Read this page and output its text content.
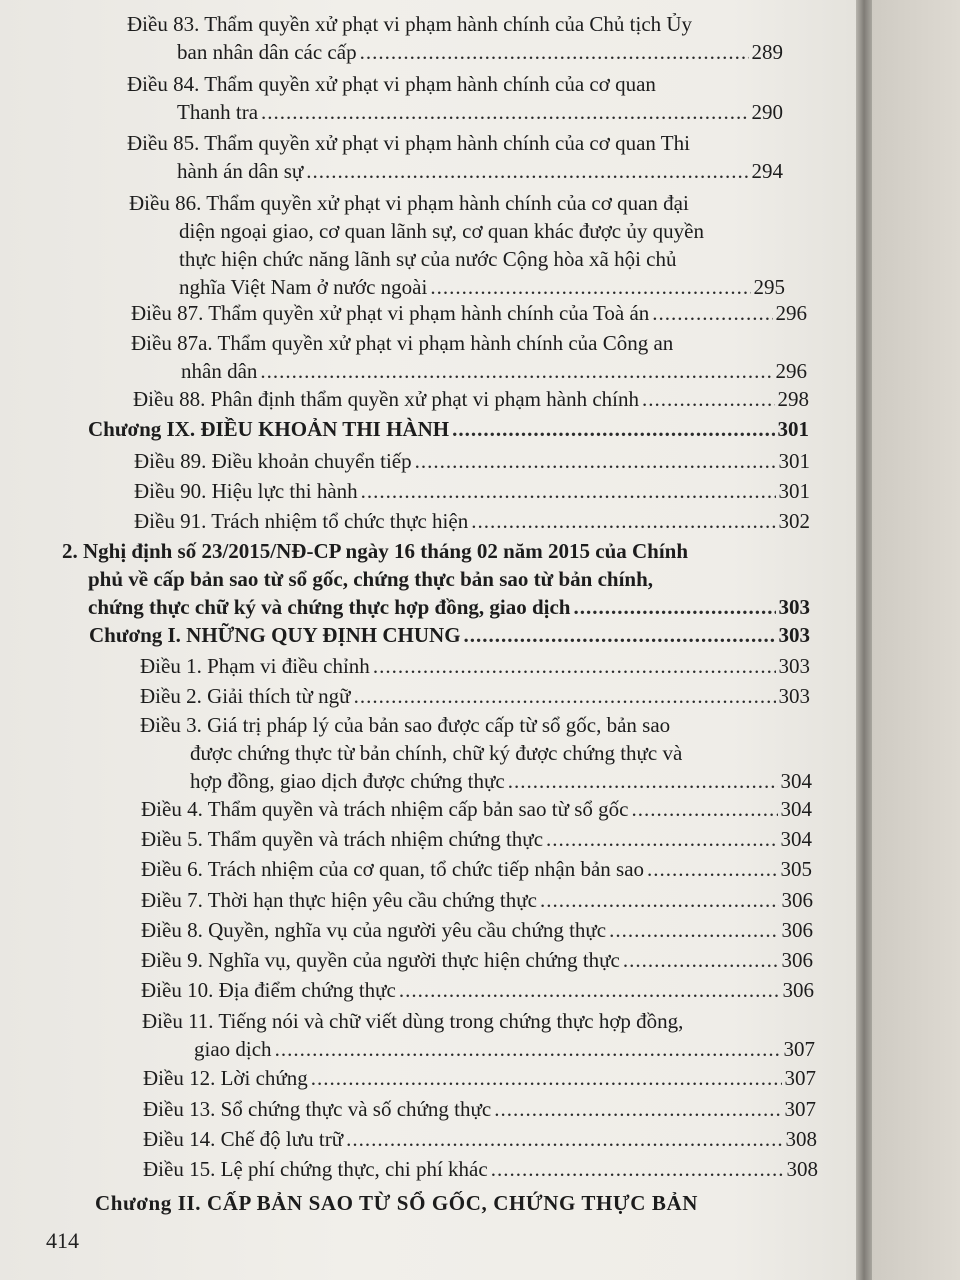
Điều 83. Thẩm quyền xử phạt vi phạm hành chính của Chủ tịch Ủy
ban nhân dân các cấp .....	289
Điều 84. Thẩm quyền xử phạt vi phạm hành chính của cơ quan
Thanh tra .....	290
Điều 85. Thẩm quyền xử phạt vi phạm hành chính của cơ quan Thi
hành án dân sự .....	294
Điều 86. Thẩm quyền xử phạt vi phạm hành chính của cơ quan đại
diện ngoại giao, cơ quan lãnh sự, cơ quan khác được ủy quyền
thực hiện chức năng lãnh sự của nước Cộng hòa xã hội chủ
nghĩa Việt Nam ở nước ngoài .....	295
Điều 87. Thẩm quyền xử phạt vi phạm hành chính của Toà án .....	296
Điều 87a. Thẩm quyền xử phạt vi phạm hành chính của Công an
nhân dân .....	296
Điều 88. Phân định thẩm quyền xử phạt vi phạm hành chính .....	298
Chương IX. ĐIỀU KHOẢN THI HÀNH .....	301
Điều 89. Điều khoản chuyển tiếp .....	301
Điều 90. Hiệu lực thi hành .....	301
Điều 91. Trách nhiệm tổ chức thực hiện .....	302
2. Nghị định số 23/2015/NĐ-CP ngày 16 tháng 02 năm 2015 của Chính
phủ về cấp bản sao từ sổ gốc, chứng thực bản sao từ bản chính,
chứng thực chữ ký và chứng thực hợp đồng, giao dịch .....	303
Chương I. NHỮNG QUY ĐỊNH CHUNG .....	303
Điều 1. Phạm vi điều chỉnh .....	303
Điều 2. Giải thích từ ngữ .....	303
Điều 3. Giá trị pháp lý của bản sao được cấp từ sổ gốc, bản sao
được chứng thực từ bản chính, chữ ký được chứng thực và
hợp đồng, giao dịch được chứng thực .....	304
Điều 4. Thẩm quyền và trách nhiệm cấp bản sao từ sổ gốc .....	304
Điều 5. Thẩm quyền và trách nhiệm chứng thực .....	304
Điều 6. Trách nhiệm của cơ quan, tổ chức tiếp nhận bản sao .....	305
Điều 7. Thời hạn thực hiện yêu cầu chứng thực .....	306
Điều 8. Quyền, nghĩa vụ của người yêu cầu chứng thực .....	306
Điều 9. Nghĩa vụ, quyền của người thực hiện chứng thực .....	306
Điều 10. Địa điểm chứng thực .....	306
Điều 11. Tiếng nói và chữ viết dùng trong chứng thực hợp đồng,
giao dịch .....	307
Điều 12. Lời chứng .....	307
Điều 13. Sổ chứng thực và số chứng thực .....	307
Điều 14. Chế độ lưu trữ .....	308
Điều 15. Lệ phí chứng thực, chi phí khác .....	308
Chương II. CẤP BẢN SAO TỪ SỔ GỐC, CHỨNG THỰC BẢN
414
